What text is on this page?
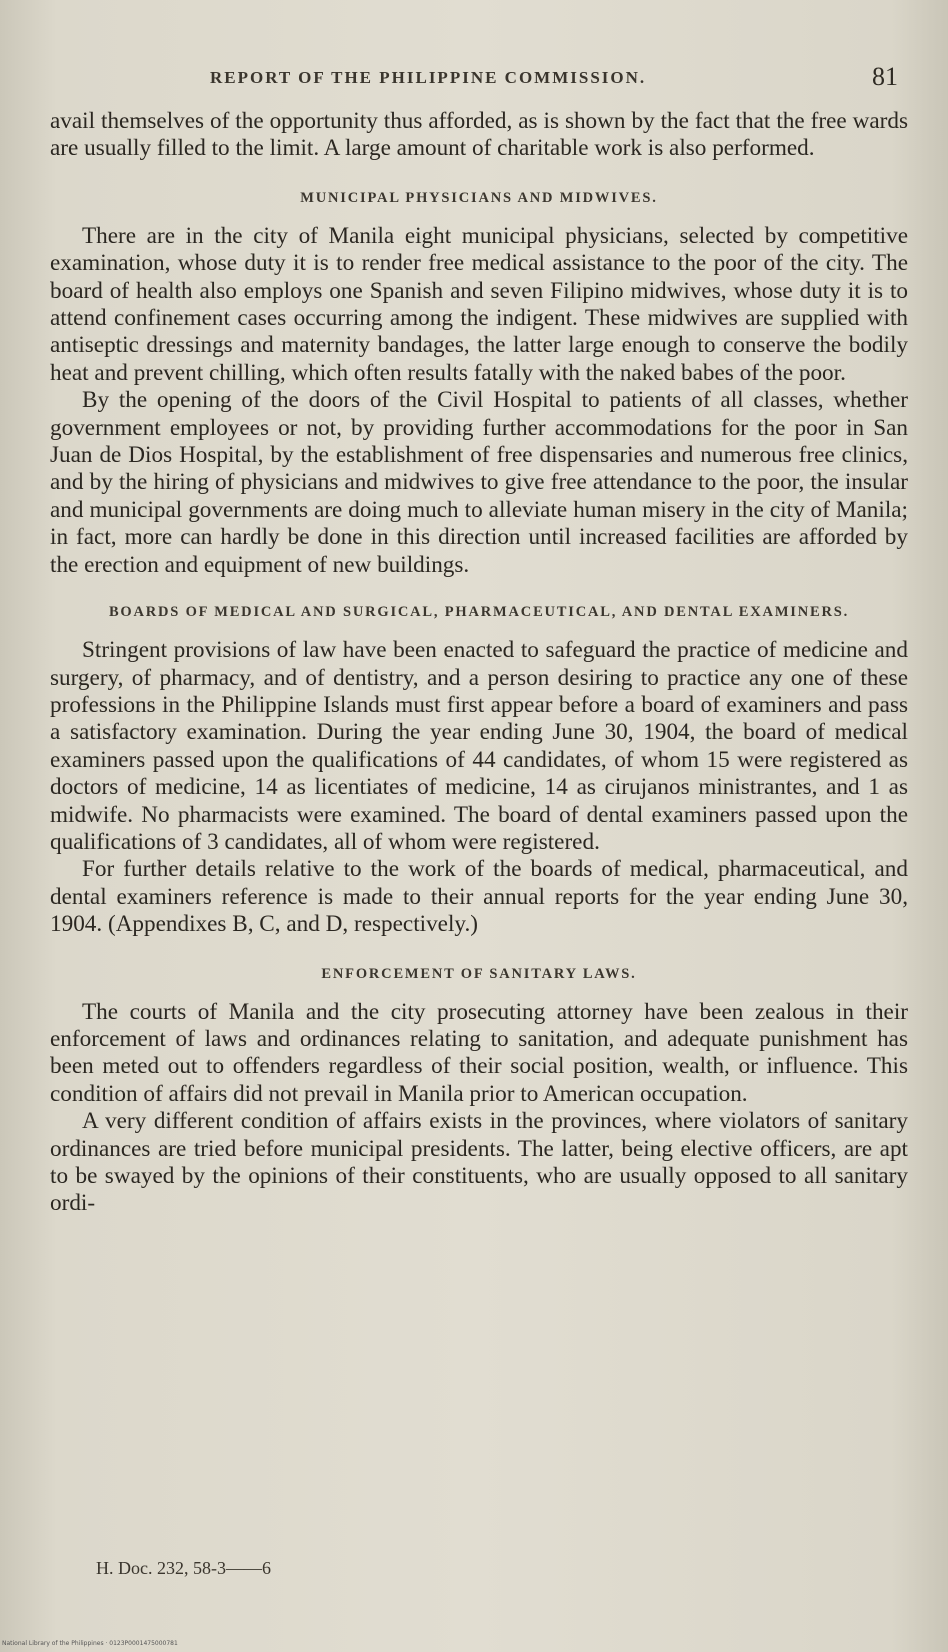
REPORT OF THE PHILIPPINE COMMISSION.	81

avail themselves of the opportunity thus afforded, as is shown by the fact that the free wards are usually filled to the limit. A large amount of charitable work is also performed.

MUNICIPAL PHYSICIANS AND MIDWIVES.

There are in the city of Manila eight municipal physicians, selected by competitive examination, whose duty it is to render free medical assistance to the poor of the city. The board of health also employs one Spanish and seven Filipino midwives, whose duty it is to attend confinement cases occurring among the indigent. These midwives are supplied with antiseptic dressings and maternity bandages, the latter large enough to conserve the bodily heat and prevent chilling, which often results fatally with the naked babes of the poor.

By the opening of the doors of the Civil Hospital to patients of all classes, whether government employees or not, by providing further accommodations for the poor in San Juan de Dios Hospital, by the establishment of free dispensaries and numerous free clinics, and by the hiring of physicians and midwives to give free attendance to the poor, the insular and municipal governments are doing much to alleviate human misery in the city of Manila; in fact, more can hardly be done in this direction until increased facilities are afforded by the erection and equipment of new buildings.

BOARDS OF MEDICAL AND SURGICAL, PHARMACEUTICAL, AND DENTAL EXAMINERS.

Stringent provisions of law have been enacted to safeguard the practice of medicine and surgery, of pharmacy, and of dentistry, and a person desiring to practice any one of these professions in the Philippine Islands must first appear before a board of examiners and pass a satisfactory examination. During the year ending June 30, 1904, the board of medical examiners passed upon the qualifications of 44 candidates, of whom 15 were registered as doctors of medicine, 14 as licentiates of medicine, 14 as cirujanos ministrantes, and 1 as midwife. No pharmacists were examined. The board of dental examiners passed upon the qualifications of 3 candidates, all of whom were registered.

For further details relative to the work of the boards of medical, pharmaceutical, and dental examiners reference is made to their annual reports for the year ending June 30, 1904. (Appendixes B, C, and D, respectively.)

ENFORCEMENT OF SANITARY LAWS.

The courts of Manila and the city prosecuting attorney have been zealous in their enforcement of laws and ordinances relating to sanitation, and adequate punishment has been meted out to offenders regardless of their social position, wealth, or influence. This condition of affairs did not prevail in Manila prior to American occupation.

A very different condition of affairs exists in the provinces, where violators of sanitary ordinances are tried before municipal presidents. The latter, being elective officers, are apt to be swayed by the opinions of their constituents, who are usually opposed to all sanitary ordi-

H. Doc. 232, 58-3——6
National Library of the Philippines · 0123P0001475000781
